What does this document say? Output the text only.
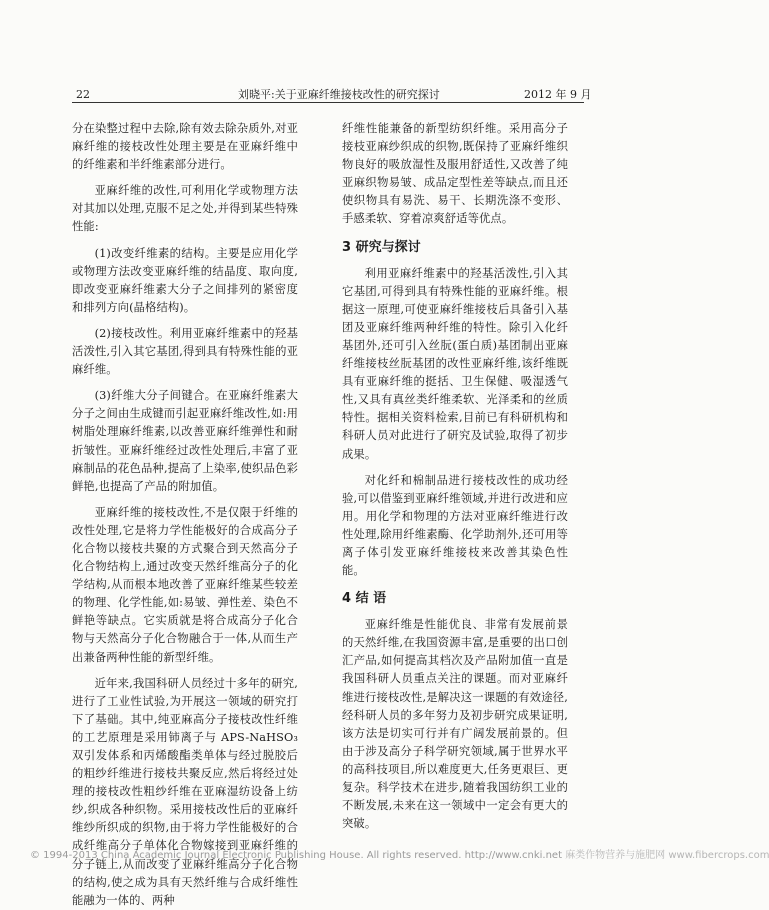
22	刘晓平:关于亚麻纤维接枝改性的研究探讨	2012 年 9 月

分在染整过程中去除,除有效去除杂质外,对亚麻纤维的接枝改性处理主要是在亚麻纤维中的纤维素和半纤维素部分进行。

亚麻纤维的改性,可利用化学或物理方法对其加以处理,克服不足之处,并得到某些特殊性能:

(1)改变纤维素的结构。主要是应用化学或物理方法改变亚麻纤维的结晶度、取向度,即改变亚麻纤维素大分子之间排列的紧密度和排列方向(晶格结构)。

(2)接枝改性。利用亚麻纤维素中的羟基活泼性,引入其它基团,得到具有特殊性能的亚麻纤维。

(3)纤维大分子间键合。在亚麻纤维素大分子之间由生成键而引起亚麻纤维改性,如:用树脂处理麻纤维素,以改善亚麻纤维弹性和耐折皱性。亚麻纤维经过改性处理后,丰富了亚麻制品的花色品种,提高了上染率,使织品色彩鲜艳,也提高了产品的附加值。

亚麻纤维的接枝改性,不是仅限于纤维的改性处理,它是将力学性能极好的合成高分子化合物以接枝共聚的方式聚合到天然高分子化合物结构上,通过改变天然纤维高分子的化学结构,从而根本地改善了亚麻纤维某些较差的物理、化学性能,如:易皱、弹性差、染色不鲜艳等缺点。它实质就是将合成高分子化合物与天然高分子化合物融合于一体,从而生产出兼备两种性能的新型纤维。

近年来,我国科研人员经过十多年的研究,进行了工业性试验,为开展这一领域的研究打下了基础。其中,纯亚麻高分子接枝改性纤维的工艺原理是采用铈离子与 APS-NaHSO₃ 双引发体系和丙烯酸酯类单体与经过脱胶后的粗纱纤维进行接枝共聚反应,然后将经过处理的接枝改性粗纱纤维在亚麻湿纺设备上纺纱,织成各种织物。采用接枝改性后的亚麻纤维纱所织成的织物,由于将力学性能极好的合成纤维高分子单体化合物嫁接到亚麻纤维的分子链上,从而改变了亚麻纤维高分子化合物的结构,使之成为具有天然纤维与合成纤维性能融为一体的、两种

纤维性能兼备的新型纺织纤维。采用高分子接枝亚麻纱织成的织物,既保持了亚麻纤维织物良好的吸放湿性及服用舒适性,又改善了纯亚麻织物易皱、成品定型性差等缺点,而且还使织物具有易洗、易干、长期洗涤不变形、手感柔软、穿着凉爽舒适等优点。

3 研究与探讨

利用亚麻纤维素中的羟基活泼性,引入其它基团,可得到具有特殊性能的亚麻纤维。根据这一原理,可使亚麻纤维接枝后具备引入基团及亚麻纤维两种纤维的特性。除引入化纤基团外,还可引入丝朊(蛋白质)基团制出亚麻纤维接枝丝朊基团的改性亚麻纤维,该纤维既具有亚麻纤维的挺括、卫生保健、吸湿透气性,又具有真丝类纤维柔软、光泽柔和的丝质特性。据相关资料检索,目前已有科研机构和科研人员对此进行了研究及试验,取得了初步成果。

对化纤和棉制品进行接枝改性的成功经验,可以借鉴到亚麻纤维领域,并进行改进和应用。用化学和物理的方法对亚麻纤维进行改性处理,除用纤维素酶、化学助剂外,还可用等离子体引发亚麻纤维接枝来改善其染色性能。

4 结 语

亚麻纤维是性能优良、非常有发展前景的天然纤维,在我国资源丰富,是重要的出口创汇产品,如何提高其档次及产品附加值一直是我国科研人员重点关注的课题。而对亚麻纤维进行接枝改性,是解决这一课题的有效途径,经科研人员的多年努力及初步研究成果证明,该方法是切实可行并有广阔发展前景的。但由于涉及高分子科学研究领域,属于世界水平的高科技项目,所以难度更大,任务更艰巨、更复杂。科学技术在进步,随着我国纺织工业的不断发展,未来在这一领域中一定会有更大的突破。

© 1994-2013 China Academic Journal Electronic Publishing House. All rights reserved. http://www.cnki.net 麻类作物营养与施肥网 www.fibercrops.com
